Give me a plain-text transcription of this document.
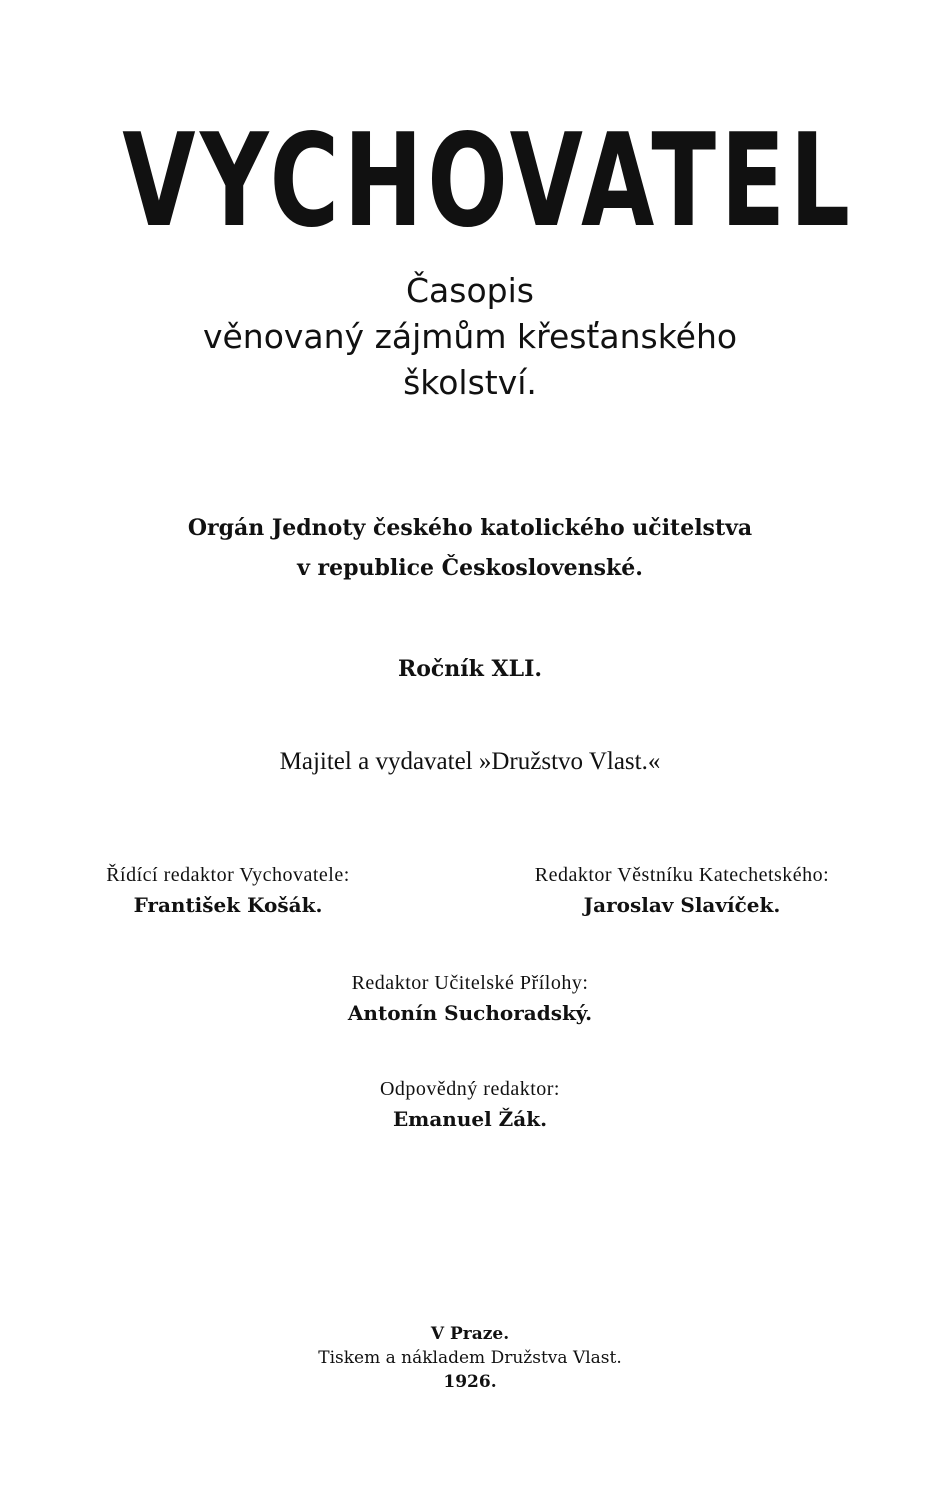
VYCHOVATEL
Časopis
věnovaný zájmům křesťanského
školství.
Orgán Jednoty českého katolického učitelstva
v republice Československé.
Ročník XLI.
Majitel a vydavatel »Družstvo Vlast.«
Řídící redaktor Vychovatele:
František Košák.
Redaktor Věstníku Katechetského:
Jaroslav Slavíček.
Redaktor Učitelské Přílohy:
Antonín Suchoradský.
Odpovědný redaktor:
Emanuel Žák.
V Praze.
Tiskem a nákladem Družstva Vlast.
1926.
